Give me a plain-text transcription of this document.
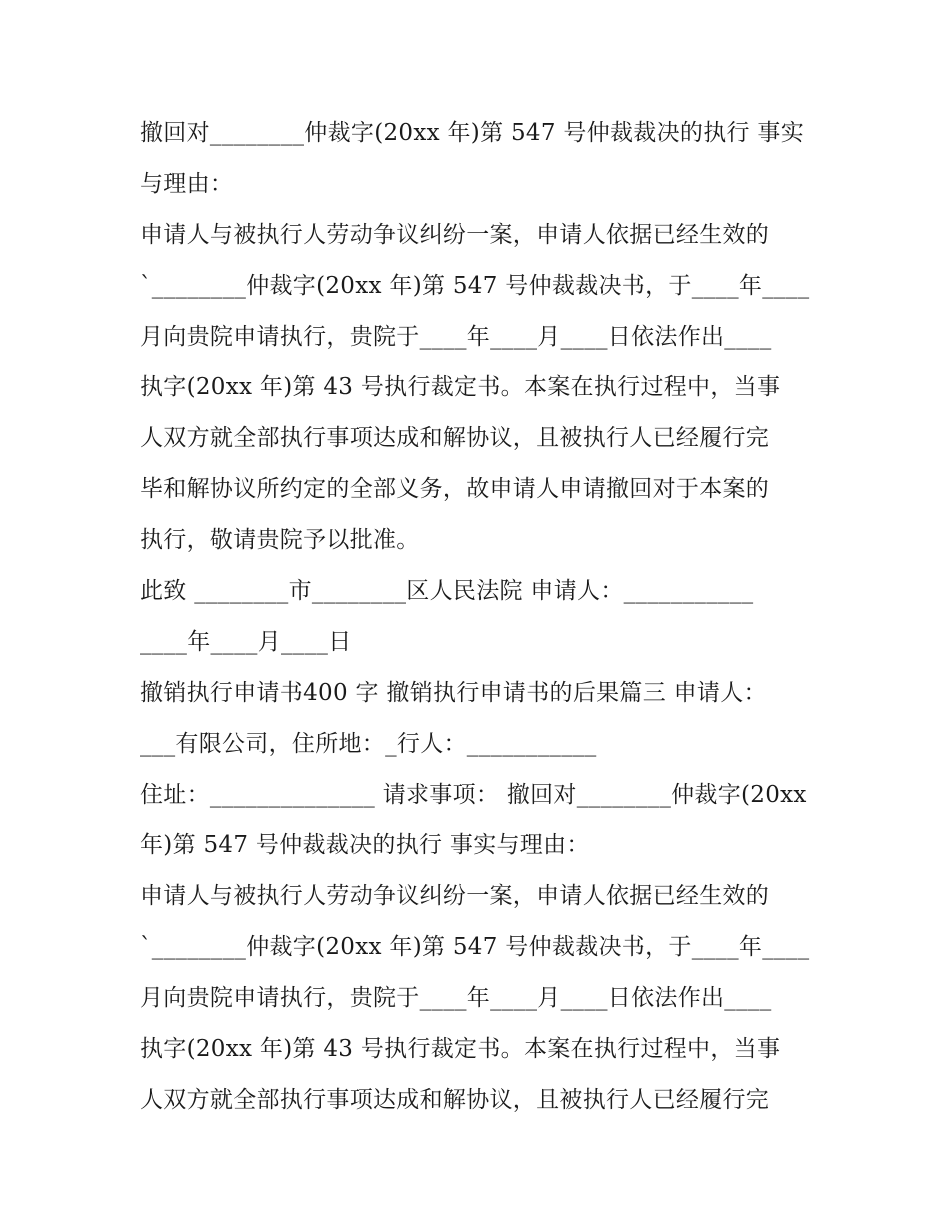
撤回对________仲裁字(20xx 年)第 547 号仲裁裁决的执行 事实
与理由：
申请人与被执行人劳动争议纠纷一案，申请人依据已经生效的
`________仲裁字(20xx 年)第 547 号仲裁裁决书，于____年____
月向贵院申请执行，贵院于____年____月____日依法作出____
执字(20xx 年)第 43 号执行裁定书。本案在执行过程中，当事
人双方就全部执行事项达成和解协议，且被执行人已经履行完
毕和解协议所约定的全部义务，故申请人申请撤回对于本案的
执行，敬请贵院予以批准。
此致 ________市________区人民法院 申请人：___________
____年____月____日
撤销执行申请书400 字 撤销执行申请书的后果篇三 申请人：
___有限公司，住所地：_行人：___________
住址：______________ 请求事项： 撤回对________仲裁字(20xx
年)第 547 号仲裁裁决的执行 事实与理由：
申请人与被执行人劳动争议纠纷一案，申请人依据已经生效的
`________仲裁字(20xx 年)第 547 号仲裁裁决书，于____年____
月向贵院申请执行，贵院于____年____月____日依法作出____
执字(20xx 年)第 43 号执行裁定书。本案在执行过程中，当事
人双方就全部执行事项达成和解协议，且被执行人已经履行完
